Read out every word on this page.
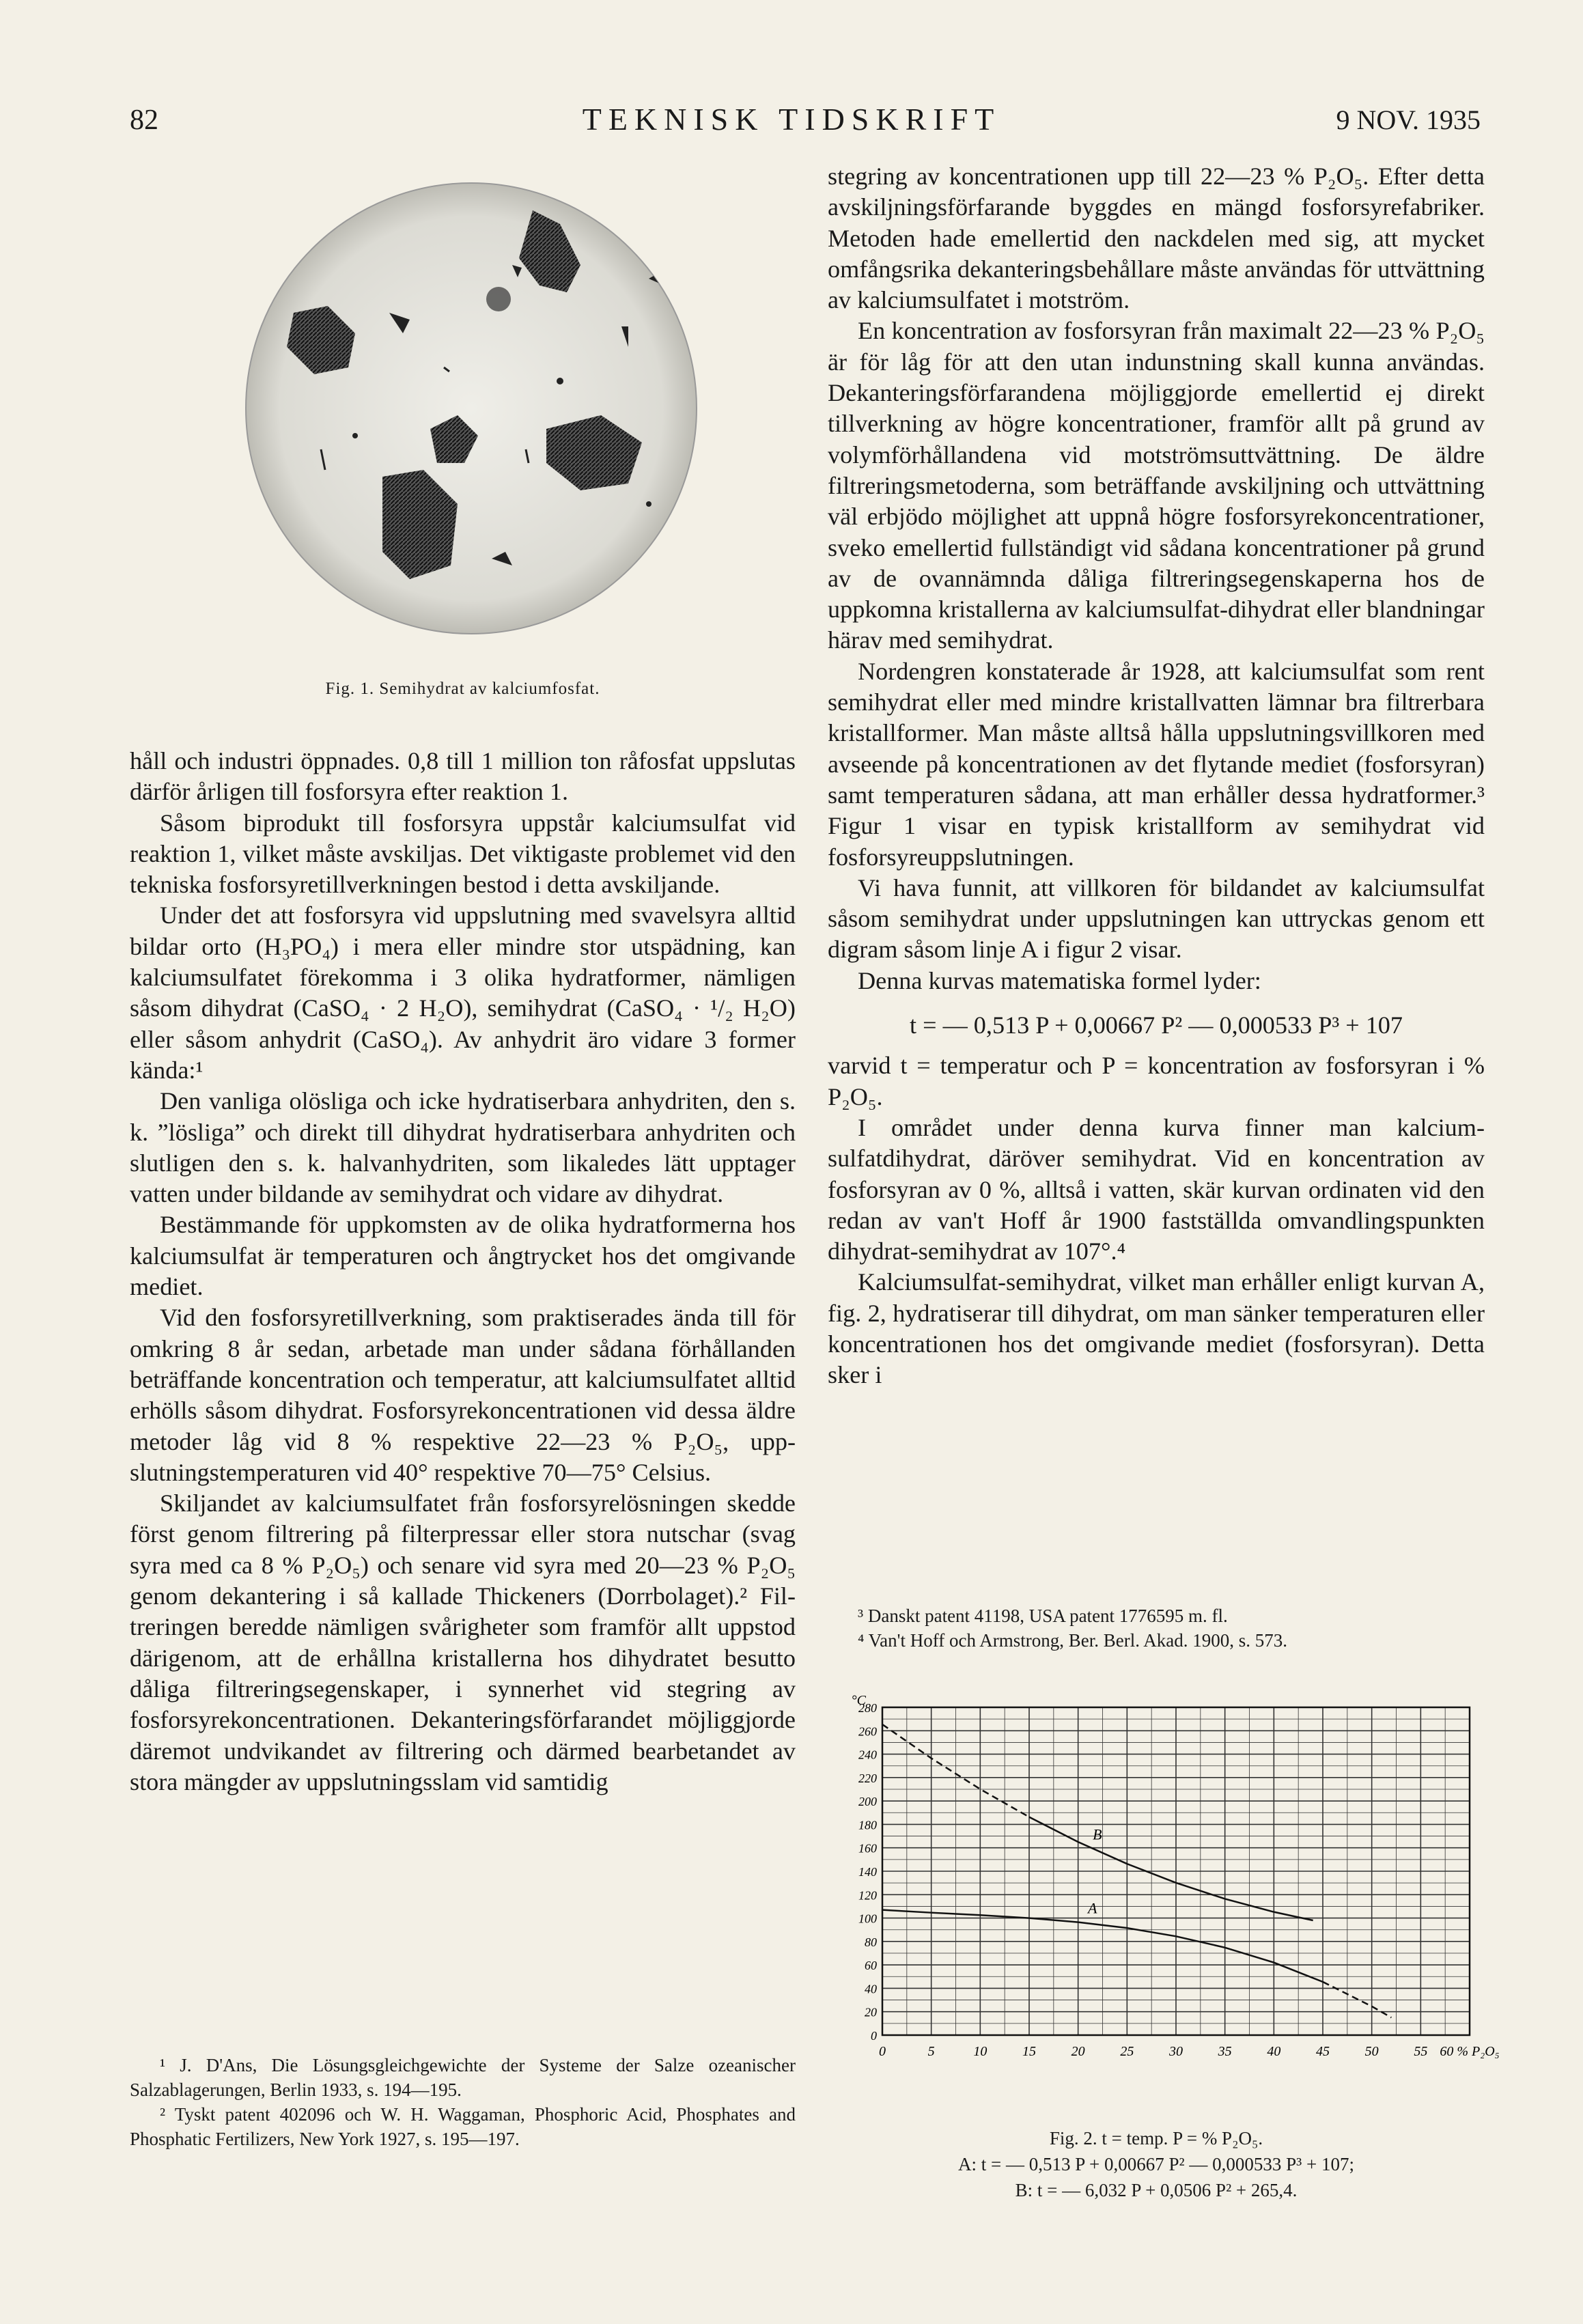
82	TEKNISK TIDSKRIFT	9 NOV. 1935
Fig. 1. Semihydrat av kalciumfosfat.

håll och industri öppnades. 0,8 till 1 million ton råfosfat uppslutas därför årligen till fosforsyra efter reaktion 1.

Såsom biprodukt till fosforsyra uppstår kalciumsulfat vid reaktion 1, vilket måste avskiljas. Det viktigaste problemet vid den tekniska fosforsyretillverkningen bestod i detta avskiljande.

Under det att fosforsyra vid uppslutning med svavelsyra alltid bildar orto (H₃PO₄) i mera eller mindre stor utspädning, kan kalciumsulfatet förekomma i 3 olika hydratformer, nämligen såsom dihydrat (CaSO₄ · 2 H₂O), semihydrat (CaSO₄ · ¹/₂ H₂O) eller såsom anhydrit (CaSO₄). Av anhydrit äro vidare 3 former kända:¹

Den vanliga olösliga och icke hydratiserbara anhydriten, den s. k. ”lösliga” och direkt till dihydrat hydratiserbara anhydriten och slutligen den s. k. halvanhydriten, som likaledes lätt upptager vatten under bildande av semihydrat och vidare av dihydrat.

Bestämmande för uppkomsten av de olika hydratformerna hos kalciumsulfat är temperaturen och ångtrycket hos det omgivande mediet.

Vid den fosforsyretillverkning, som praktiserades ända till för omkring 8 år sedan, arbetade man under sådana förhållanden beträffande koncentration och temperatur, att kalciumsulfatet alltid erhölls såsom dihydrat. Fosforsyrekoncentrationen vid dessa äldre metoder låg vid 8 % respektive 22—23 % P₂O₅, uppslutningstemperaturen vid 40° respektive 70—75° Celsius.

Skiljandet av kalciumsulfatet från fosforsyrelösningen skedde först genom filtrering på filterpressar eller stora nutschar (svag syra med ca 8 % P₂O₅) och senare vid syra med 20—23 % P₂O₅ genom dekantering i så kallade Thickeners (Dorrbolaget).² Filtreringen beredde nämligen svårigheter som framför allt uppstod därigenom, att de erhållna kristallerna hos dihydratet besutto dåliga filtreringsegenskaper, i synnerhet vid stegring av fosforsyrekoncentrationen. Dekanteringsförfarandet möjliggjorde däremot undvikandet av filtrering och därmed bearbetandet av stora mängder av uppslutningsslam vid samtidig

stegring av koncentrationen upp till 22—23 % P₂O₅. Efter detta avskiljningsförfarande byggdes en mängd fosforsyrefabriker. Metoden hade emellertid den nackdelen med sig, att mycket omfångsrika dekanteringsbehållare måste användas för uttvättning av kalciumsulfatet i motström.

En koncentration av fosforsyran från maximalt 22—23 % P₂O₅ är för låg för att den utan indunstning skall kunna användas. Dekanteringsförfarandena möjliggjorde emellertid ej direkt tillverkning av högre koncentrationer, framför allt på grund av volymförhållandena vid motströmsuttvättning. De äldre filtreringsmetoderna, som beträffande avskiljning och uttvättning väl erbjödo möjlighet att uppnå högre fosforsyrekoncentrationer, sveko emellertid fullständigt vid sådana koncentrationer på grund av de ovannämnda dåliga filtreringsegenskaperna hos de uppkomna kristallerna av kalciumsulfat-dihydrat eller blandningar härav med semihydrat.

Nordengren konstaterade år 1928, att kalciumsulfat som rent semihydrat eller med mindre kristallvatten lämnar bra filtrerbara kristallformer. Man måste alltså hålla uppslutningsvillkoren med avseende på koncentrationen av det flytande mediet (fosforsyran) samt temperaturen sådana, att man erhåller dessa hydratformer.³ Figur 1 visar en typisk kristallform av semihydrat vid fosforsyreuppslutningen.

Vi hava funnit, att villkoren för bildandet av kalciumsulfat såsom semihydrat under uppslutningen kan uttryckas genom ett digram såsom linje A i figur 2 visar.

Denna kurvas matematiska formel lyder:

t = — 0,513 P + 0,00667 P² — 0,000533 P³ + 107

varvid t = temperatur och P = koncentration av fosforsyran i % P₂O₅.

I området under denna kurva finner man kalciumsulfatdihydrat, däröver semihydrat. Vid en koncentration av fosforsyran av 0 %, alltså i vatten, skär kurvan ordinaten vid den redan av van't Hoff år 1900 fastställda omvandlingspunkten dihydrat-semihydrat av 107°.⁴

Kalciumsulfat-semihydrat, vilket man erhåller enligt kurvan A, fig. 2, hydratiserar till dihydrat, om man sänker temperaturen eller koncentrationen hos det omgivande mediet (fosforsyran). Detta sker i

³ Danskt patent 41198, USA patent 1776595 m. fl.

⁴ Van't Hoff och Armstrong, Ber. Berl. Akad. 1900, s. 573.

0	5	10	15	20	25	30	35	40	45	50	55 60 % P₂O₅
0
20
40
60
80
100
120
140
160
180
200
220
240
260
280
°C
A
B
Fig. 2. t = temp. P = % P₂O₅.
A: t = — 0,513 P + 0,00667 P² — 0,000533 P³ + 107;
B: t = — 6,032 P + 0,0506 P² + 265,4.

¹ J. D'Ans, Die Lösungsgleichgewichte der Systeme der Salze ozeanischer Salzablagerungen, Berlin 1933, s. 194—195.

² Tyskt patent 402096 och W. H. Waggaman, Phosphoric Acid, Phosphates and Phosphatic Fertilizers, New York 1927, s. 195—197.
